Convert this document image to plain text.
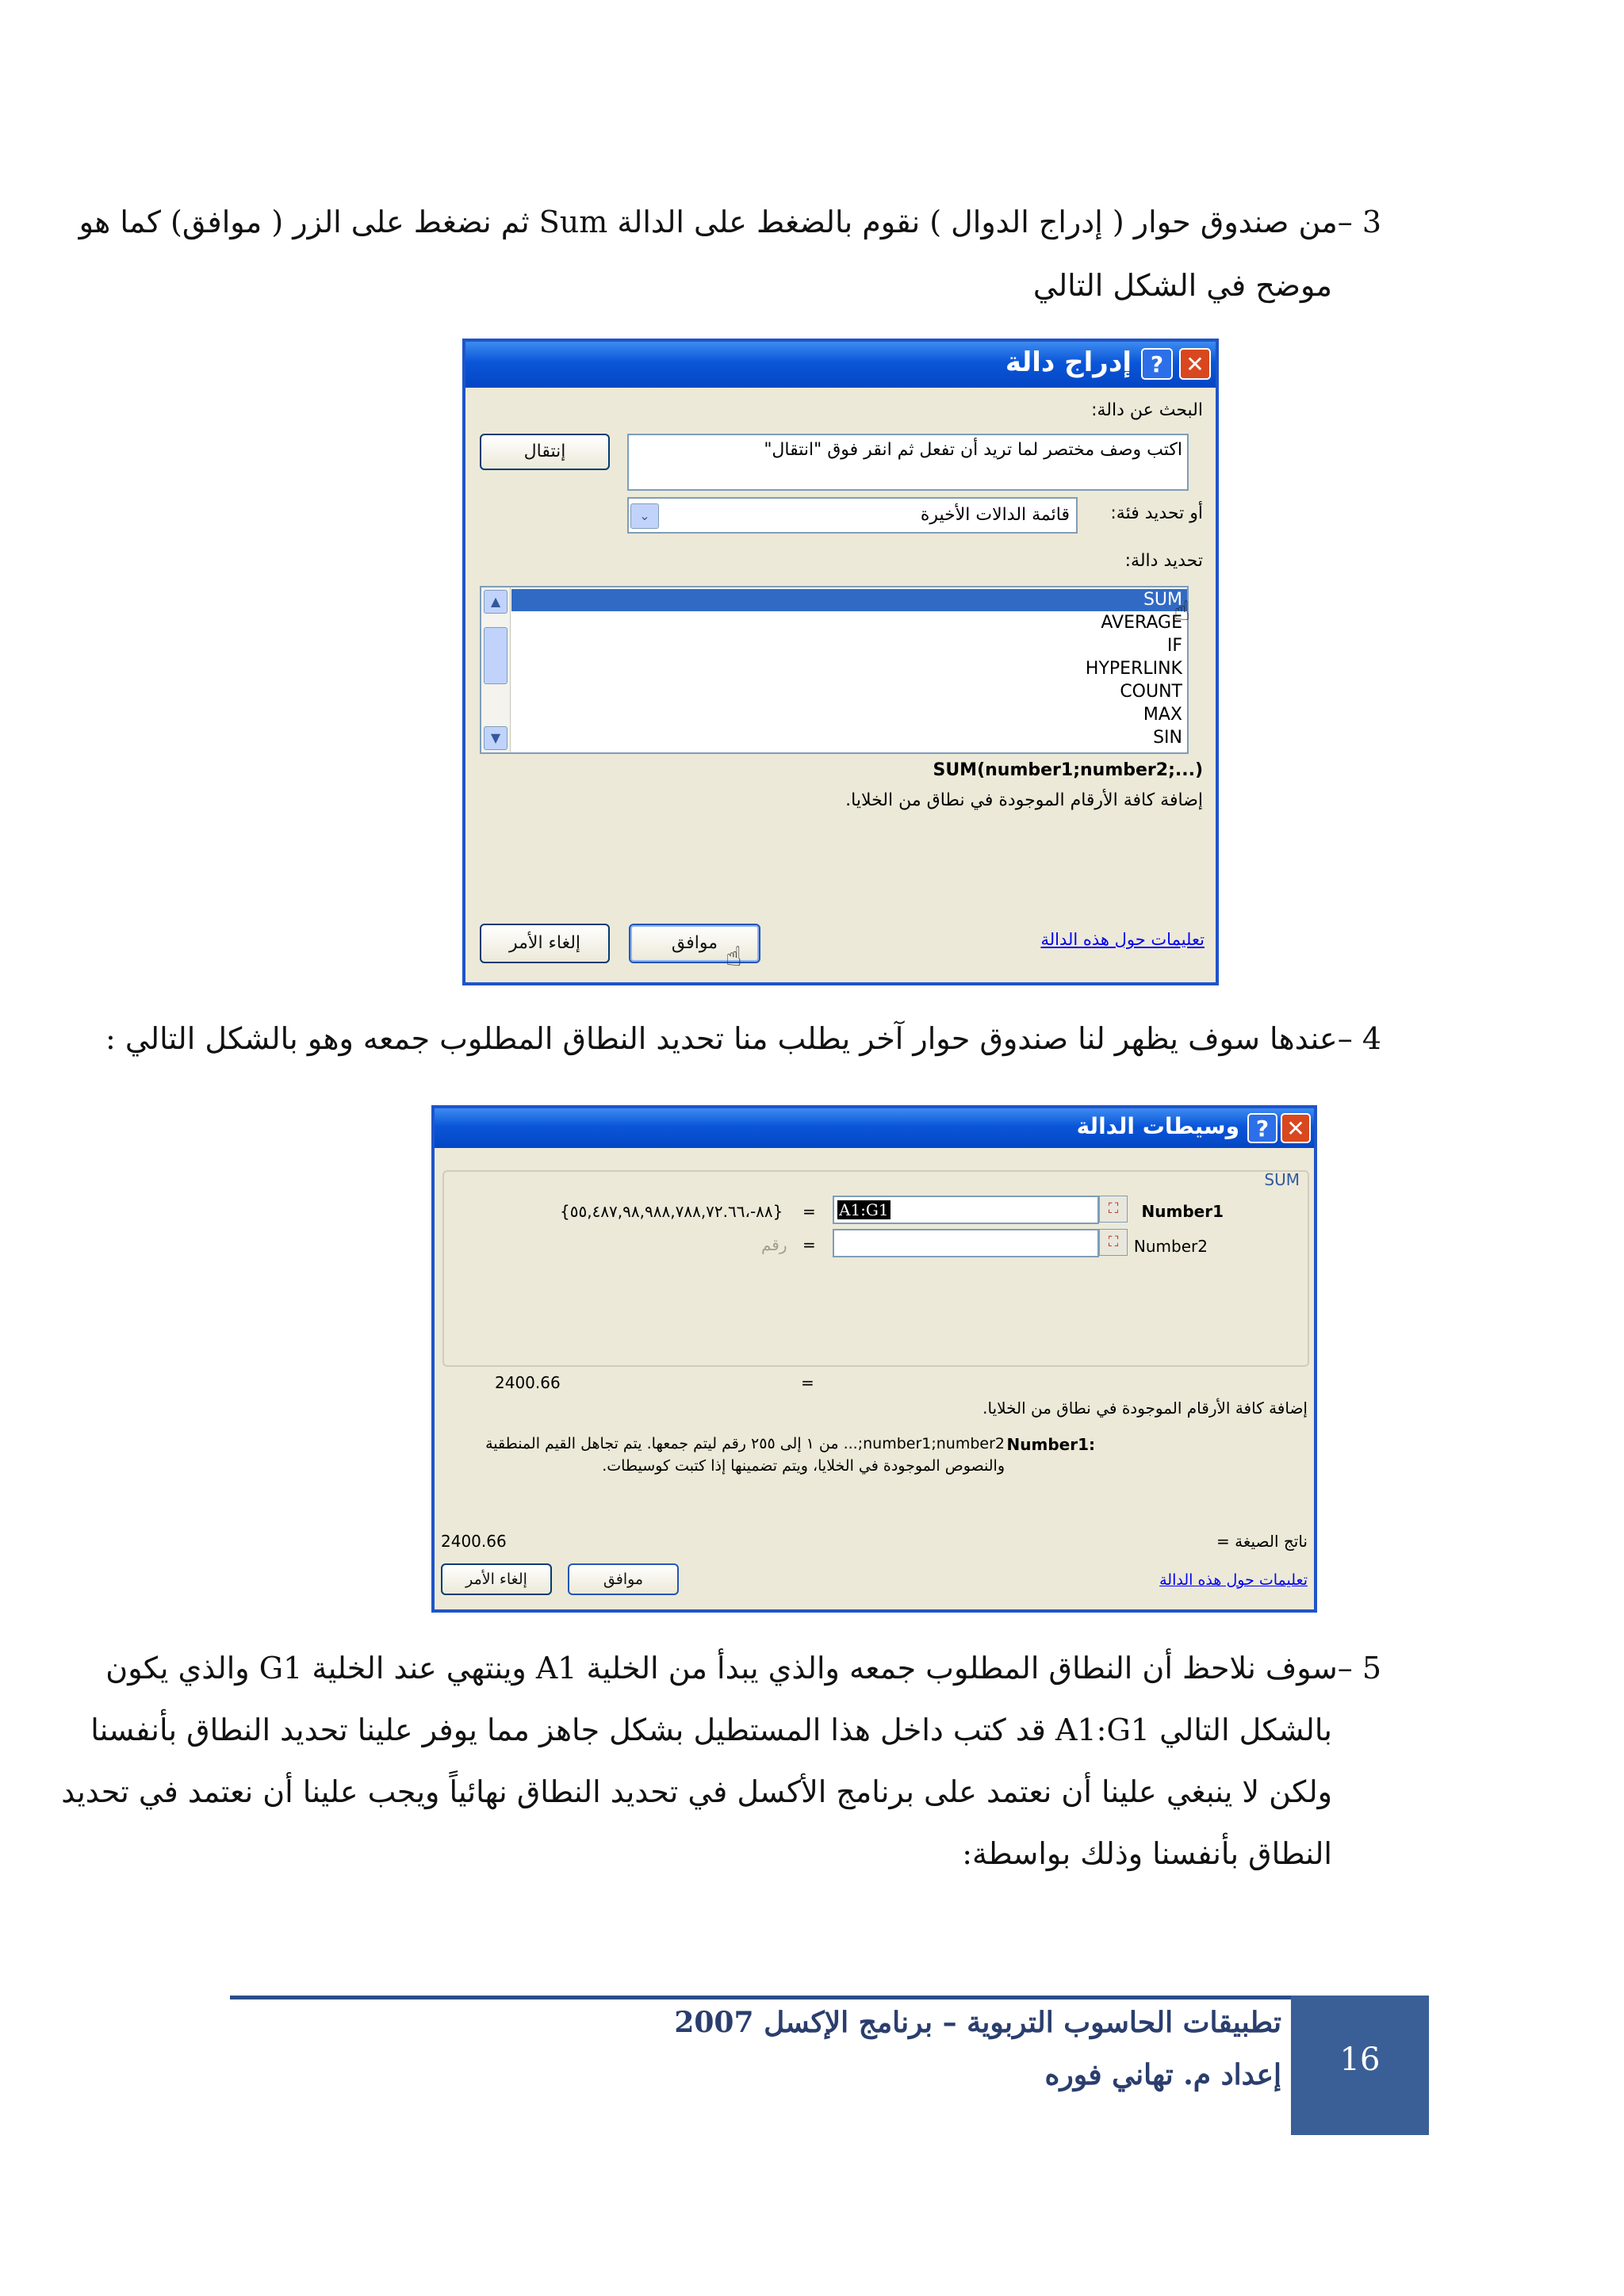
3 –من صندوق حوار ( إدراج الدوال ) نقوم بالضغط على الدالة Sum ثم نضغط على الزر ( موافق) كما هو
موضح في الشكل التالي
✕
?
إدراج دالة
البحث عن دالة:
اكتب وصف مختصر لما تريد أن تفعل ثم انقر فوق "انتقال"
إنتقال
أو تحديد فئة:
⌄	قائمة الدالات الأخيرة
تحديد دالة:
▲
▼
SUM
AVERAGE
IF
HYPERLINK
COUNT
MAX
SIN
☝
SUM(number1;number2;...)
إضافة كافة الأرقام الموجودة في نطاق من الخلايا.
تعليمات حول هذه الدالة
موافق ☝
إلغاء الأمر
4 –عندها سوف يظهر لنا صندوق حوار آخر يطلب منا تحديد النطاق المطلوب جمعه وهو بالشكل التالي :
✕
?
وسيطات الدالة
SUM
Number1
⛶
A1:G1
=
{٨٨-،٥٥,٤٨٧,٩٨,٩٨٨,٧٨٨,٧٢.٦٦}
Number2
⛶
=
رقم
2400.66	=
إضافة كافة الأرقام الموجودة في نطاق من الخلايا.
Number1:
number1;number2;... من ١ إلى ٢٥٥ رقم ليتم جمعها. يتم تجاهل القيم المنطقية
والنصوص الموجودة في الخلايا، ويتم تضمينها إذا كتبت كوسيطات.
ناتج الصيغة =
2400.66
تعليمات حول هذه الدالة
موافق
إلغاء الأمر
5 –سوف نلاحظ أن النطاق المطلوب جمعه والذي يبدأ من الخلية A1 وينتهي عند الخلية G1 والذي يكون
بالشكل التالي A1:G1 قد كتب داخل هذا المستطيل بشكل جاهز مما يوفر علينا تحديد النطاق بأنفسنا
ولكن لا ينبغي علينا أن نعتمد على برنامج الأكسل في تحديد النطاق نهائياً ويجب علينا أن نعتمد في تحديد
النطاق بأنفسنا وذلك بواسطة:
16
تطبيقات الحاسوب التربوية – برنامج الإكسل 2007
إعداد م. تهاني فوره
